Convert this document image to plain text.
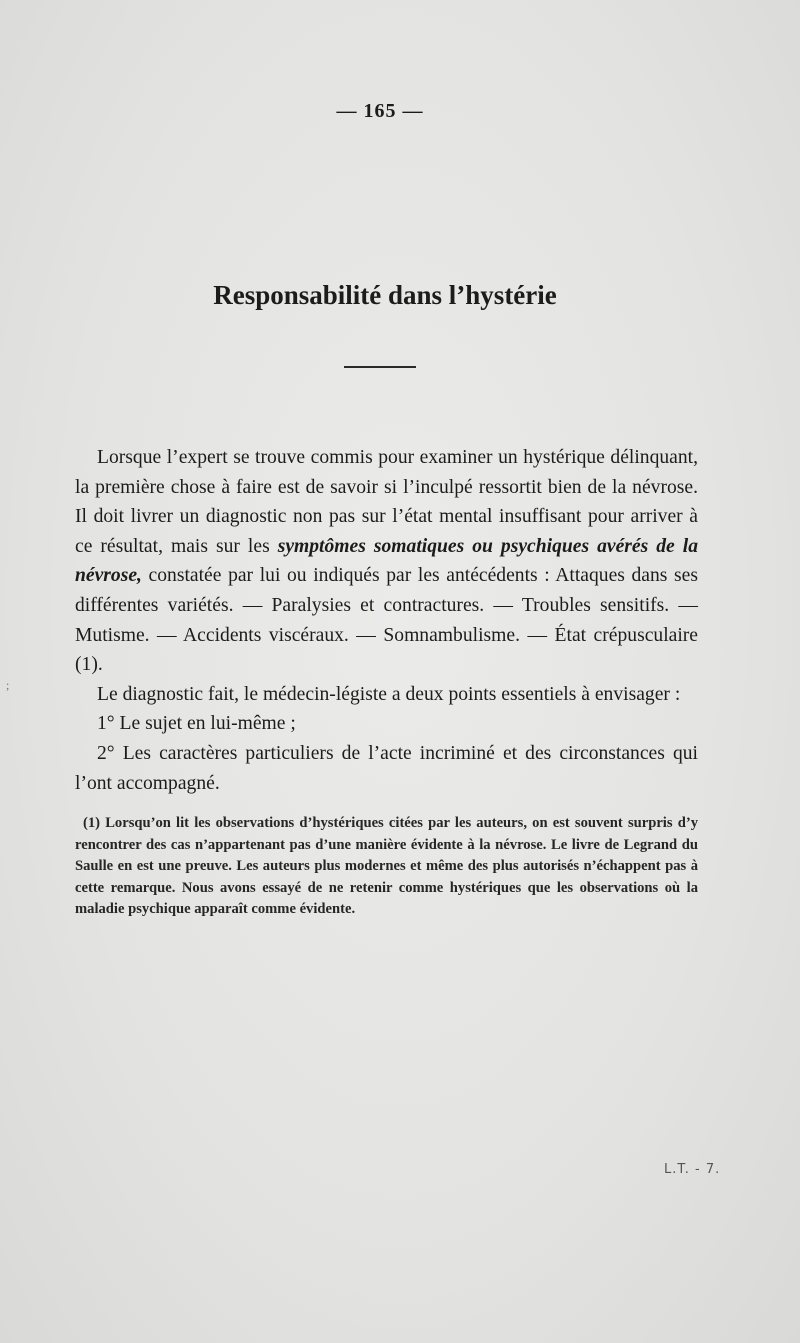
— 165 —
Responsabilité dans l’hystérie

Lorsque l’expert se trouve commis pour examiner un hystérique délinquant, la première chose à faire est de savoir si l’inculpé ressortit bien de la névrose. Il doit livrer un diagnostic non pas sur l’état mental insuffisant pour arriver à ce résultat, mais sur les symptômes somatiques ou psychiques avérés de la névrose, constatée par lui ou indiqués par les antécédents : Attaques dans ses différentes variétés. — Paralysies et contractures. — Troubles sensitifs. — Mutisme. — Accidents viscéraux. — Somnambulisme. — État crépusculaire (1).

Le diagnostic fait, le médecin-légiste a deux points essentiels à envisager :

1° Le sujet en lui-même ;

2° Les caractères particuliers de l’acte incriminé et des circonstances qui l’ont accompagné.

(1) Lorsqu’on lit les observations d’hystériques citées par les auteurs, on est souvent surpris d’y rencontrer des cas n’appartenant pas d’une manière évidente à la névrose. Le livre de Legrand du Saulle en est une preuve. Les auteurs plus modernes et même des plus autorisés n’échappent pas à cette remarque. Nous avons essayé de ne retenir comme hystériques que les observations où la maladie psychique apparaît comme évidente.

L.T. - 7.
;
